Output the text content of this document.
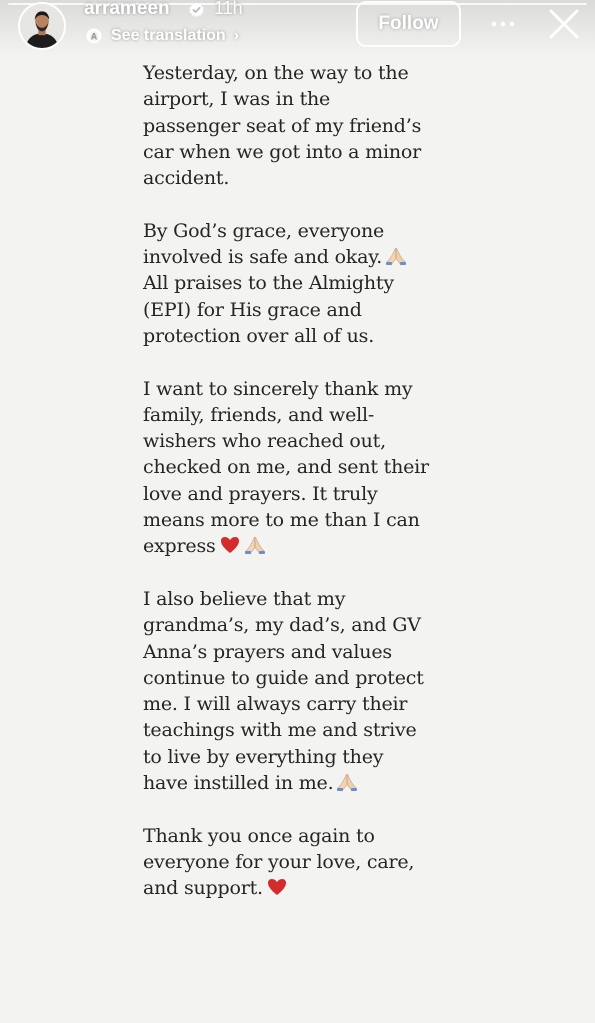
arrameen 11h
A See translation ›
Follow

Yesterday, on the way to the
airport, I was in the
passenger seat of my friend’s
car when we got into a minor
accident.

By God’s grace, everyone
involved is safe and okay.
All praises to the Almighty
(EPI) for His grace and
protection over all of us.

I want to sincerely thank my
family, friends, and well-
wishers who reached out,
checked on me, and sent their
love and prayers. It truly
means more to me than I can
express

I also believe that my
grandma’s, my dad’s, and GV
Anna’s prayers and values
continue to guide and protect
me. I will always carry their
teachings with me and strive
to live by everything they
have instilled in me.

Thank you once again to
everyone for your love, care,
and support.
